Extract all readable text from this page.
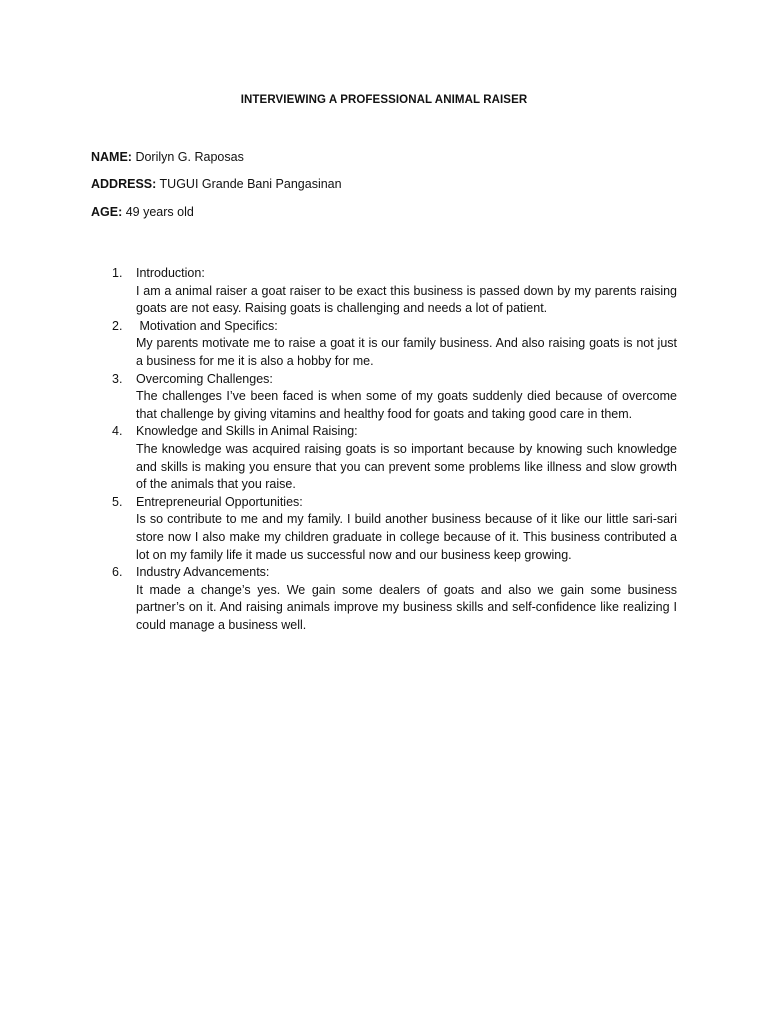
INTERVIEWING A PROFESSIONAL ANIMAL RAISER
NAME: Dorilyn G. Raposas
ADDRESS: TUGUI Grande Bani Pangasinan
AGE: 49 years old
1. Introduction:
I am a animal raiser a goat raiser to be exact this business is passed down by my parents raising goats are not easy. Raising goats is challenging and needs a lot of patient.
2. Motivation and Specifics:
My parents motivate me to raise a goat it is our family business. And also raising goats is not just a business for me it is also a hobby for me.
3. Overcoming Challenges:
The challenges I’ve been faced is when some of my goats suddenly died because of overcome that challenge by giving vitamins and healthy food for goats and taking good care in them.
4. Knowledge and Skills in Animal Raising:
The knowledge was acquired raising goats is so important because by knowing such knowledge and skills is making you ensure that you can prevent some problems like illness and slow growth of the animals that you raise.
5. Entrepreneurial Opportunities:
Is so contribute to me and my family. I build another business because of it like our little sari-sari store now I also make my children graduate in college because of it. This business contributed a lot on my family life it made us successful now and our business keep growing.
6. Industry Advancements:
It made a change’s yes. We gain some dealers of goats and also we gain some business partner’s on it. And raising animals improve my business skills and self-confidence like realizing I could manage a business well.
